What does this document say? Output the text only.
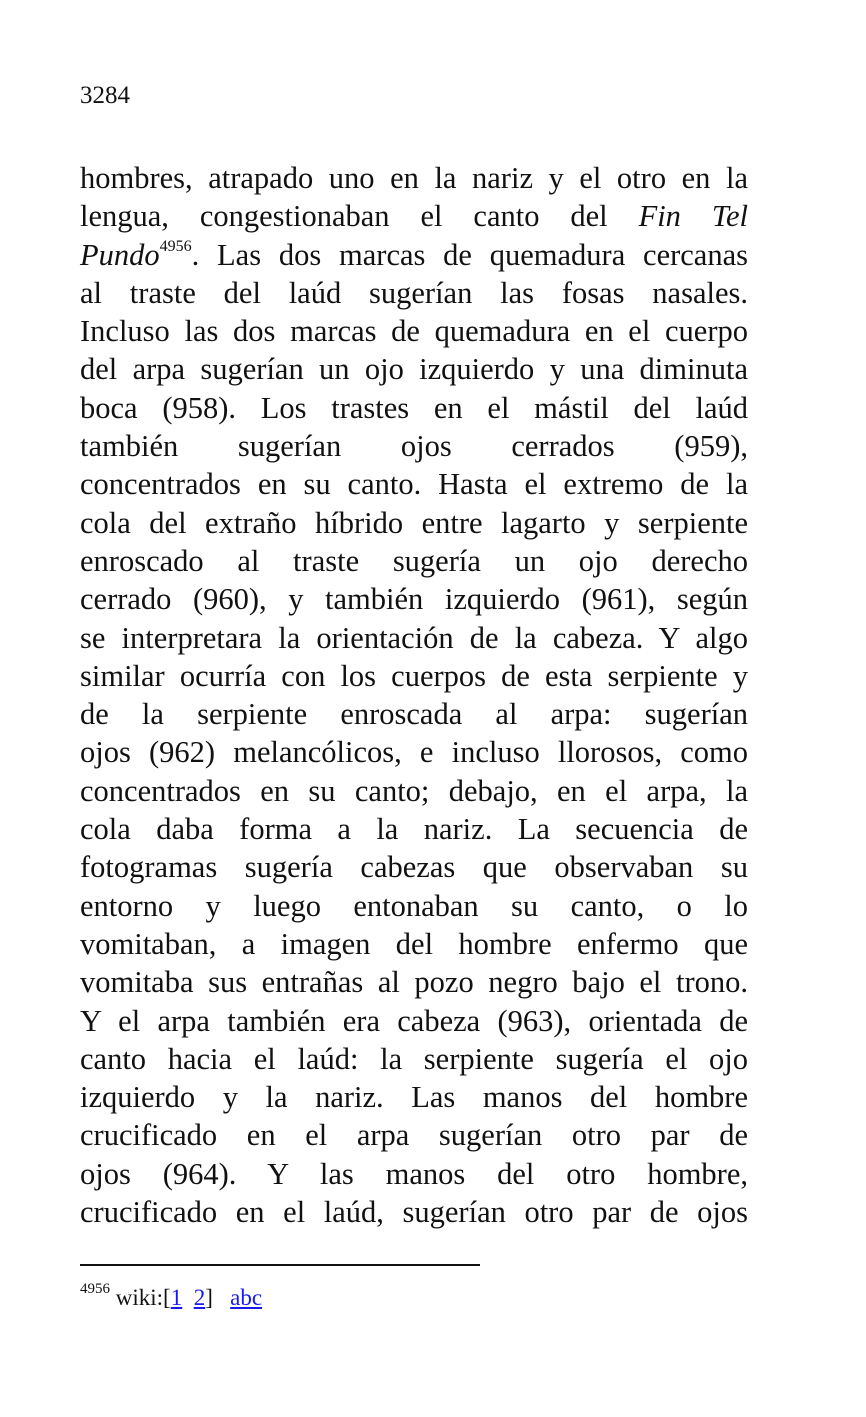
3284
hombres, atrapado uno en la nariz y el otro en la
lengua, congestionaban el canto del Fin Tel
Pundo$^{4956}$. Las dos marcas de quemadura cercanas
al traste del laúd sugerían las fosas nasales.
Incluso las dos marcas de quemadura en el cuerpo
del arpa sugerían un ojo izquierdo y una diminuta
boca (958). Los trastes en el mástil del laúd
también sugerían ojos cerrados (959),
concentrados en su canto. Hasta el extremo de la
cola del extraño híbrido entre lagarto y serpiente
enroscado al traste sugería un ojo derecho
cerrado (960), y también izquierdo (961), según
se interpretara la orientación de la cabeza. Y algo
similar ocurría con los cuerpos de esta serpiente y
de la serpiente enroscada al arpa: sugerían
ojos (962) melancólicos, e incluso llorosos, como
concentrados en su canto; debajo, en el arpa, la
cola daba forma a la nariz. La secuencia de
fotogramas sugería cabezas que observaban su
entorno y luego entonaban su canto, o lo
vomitaban, a imagen del hombre enfermo que
vomitaba sus entrañas al pozo negro bajo el trono.
Y el arpa también era cabeza (963), orientada de
canto hacia el laúd: la serpiente sugería el ojo
izquierdo y la nariz. Las manos del hombre
crucificado en el arpa sugerían otro par de
ojos (964). Y las manos del otro hombre,
crucificado en el laúd, sugerían otro par de ojos
$^{4956}$ wiki:[1 2] abc
